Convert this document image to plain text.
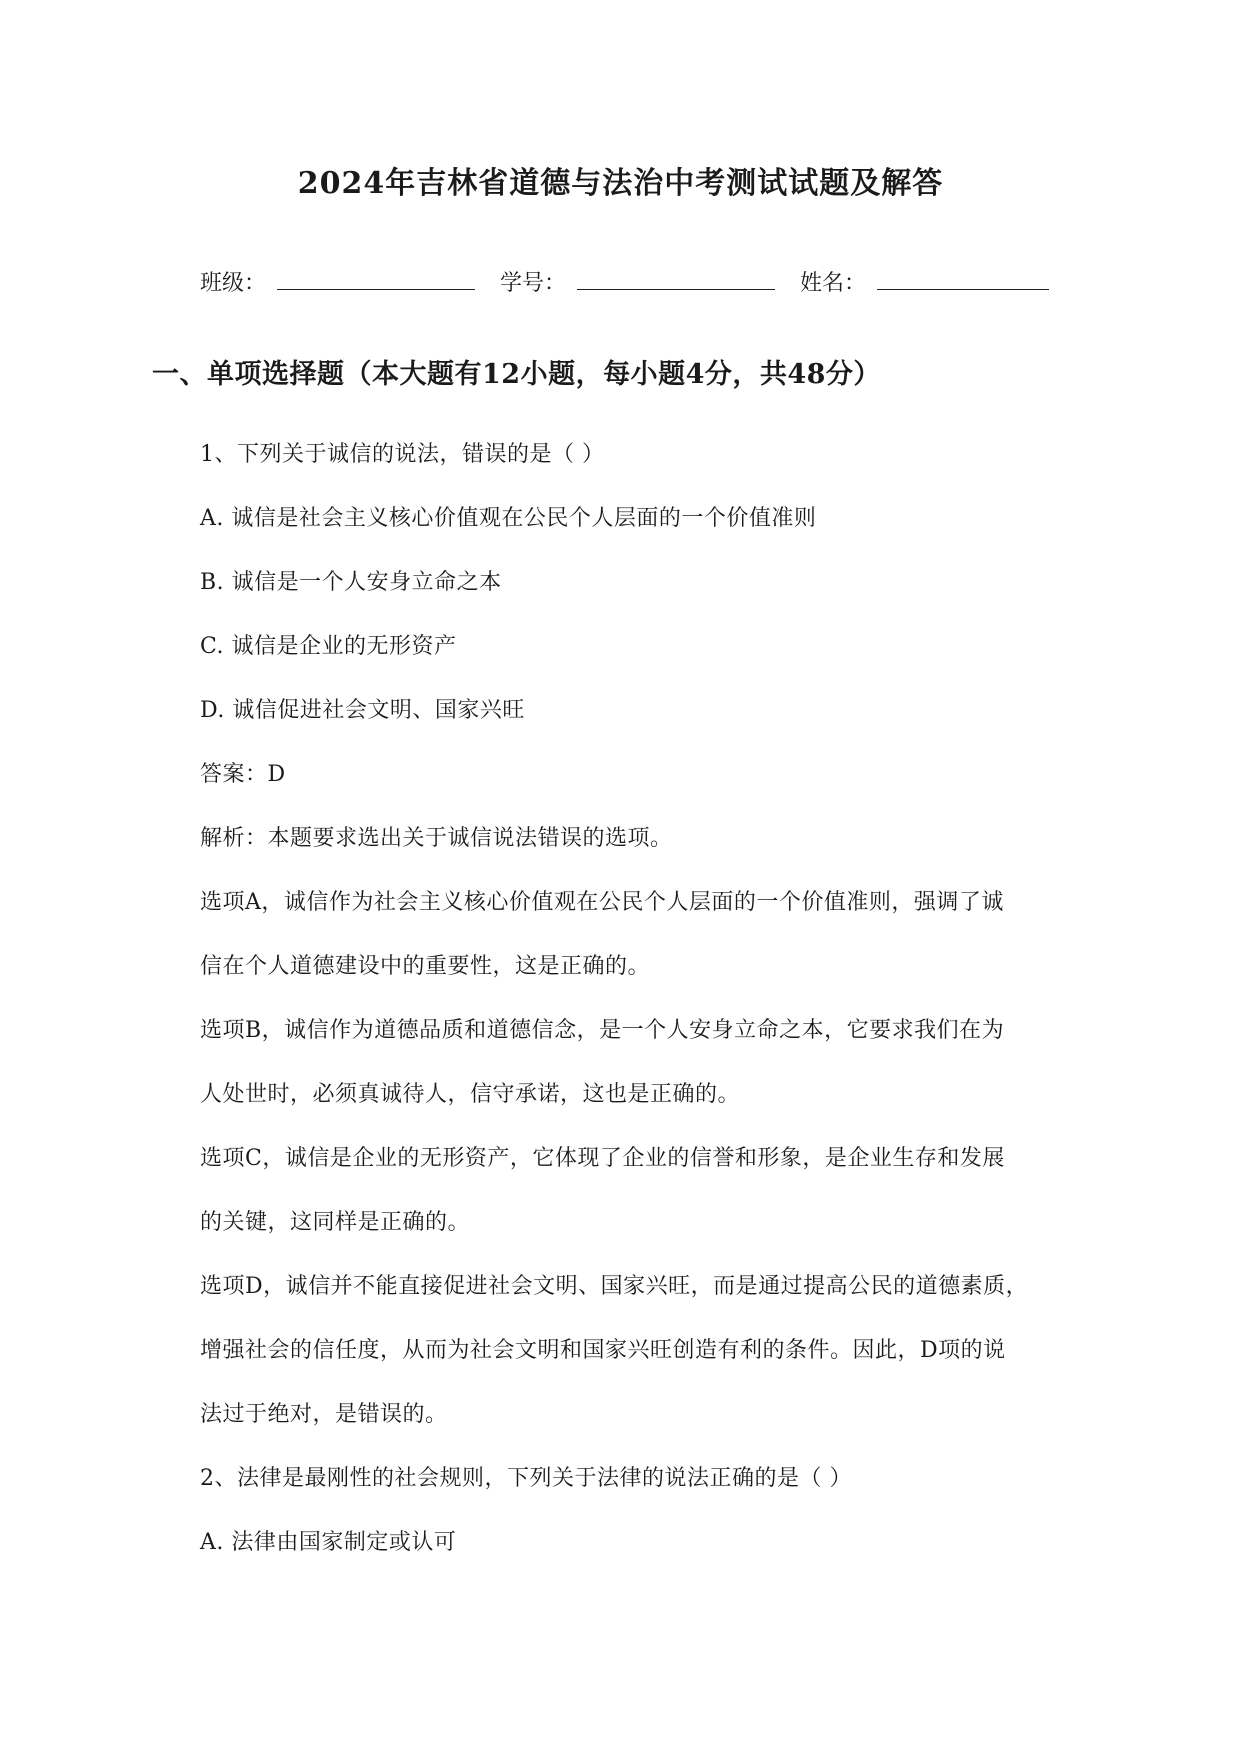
2024年吉林省道德与法治中考测试试题及解答
班级：	学号：	姓名：
一、单项选择题（本大题有12小题，每小题4分，共48分）
1、下列关于诚信的说法，错误的是（ ）
A. 诚信是社会主义核心价值观在公民个人层面的一个价值准则
B. 诚信是一个人安身立命之本
C. 诚信是企业的无形资产
D. 诚信促进社会文明、国家兴旺
答案：D
解析：本题要求选出关于诚信说法错误的选项。
选项A，诚信作为社会主义核心价值观在公民个人层面的一个价值准则，强调了诚
信在个人道德建设中的重要性，这是正确的。
选项B，诚信作为道德品质和道德信念，是一个人安身立命之本，它要求我们在为
人处世时，必须真诚待人，信守承诺，这也是正确的。
选项C，诚信是企业的无形资产，它体现了企业的信誉和形象，是企业生存和发展
的关键，这同样是正确的。
选项D，诚信并不能直接促进社会文明、国家兴旺，而是通过提高公民的道德素质，
增强社会的信任度，从而为社会文明和国家兴旺创造有利的条件。因此，D项的说
法过于绝对，是错误的。
2、法律是最刚性的社会规则，下列关于法律的说法正确的是（ ）
A. 法律由国家制定或认可
